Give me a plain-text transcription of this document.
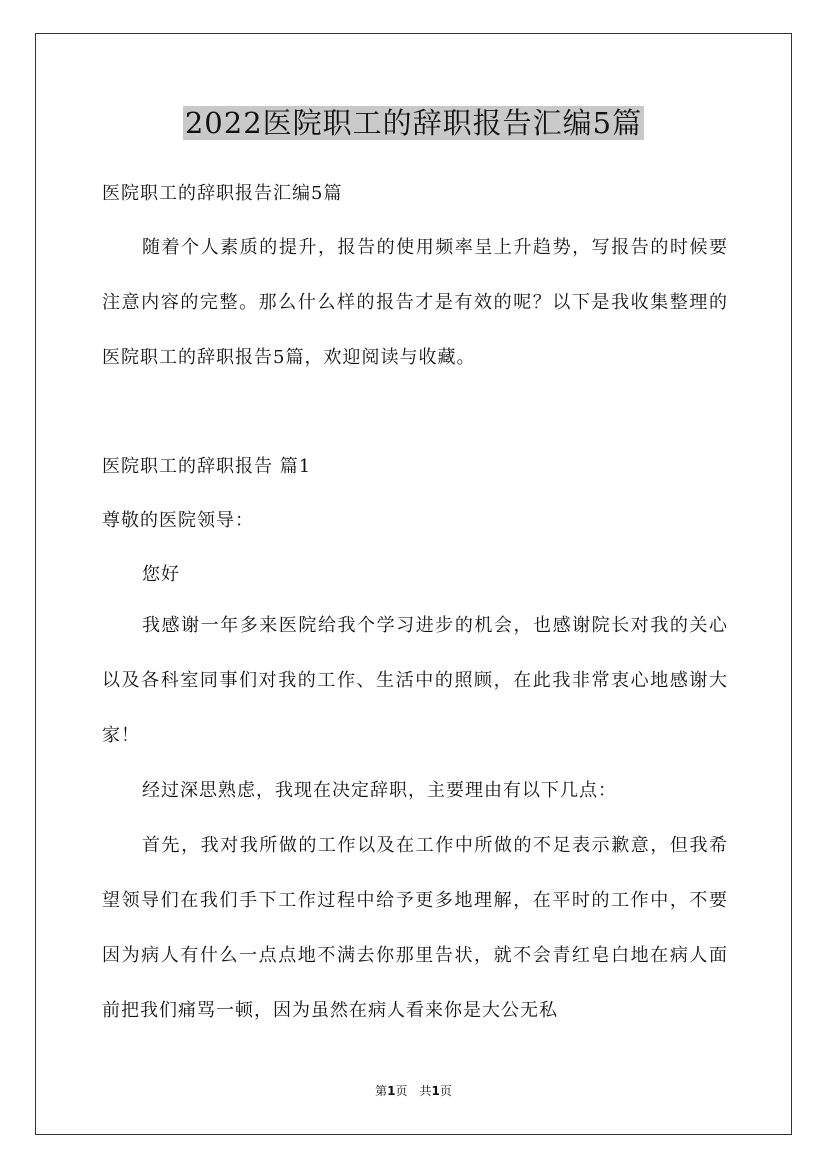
2022医院职工的辞职报告汇编5篇

医院职工的辞职报告汇编5篇

随着个人素质的提升，报告的使用频率呈上升趋势，写报告的时候要注意内容的完整。那么什么样的报告才是有效的呢？以下是我收集整理的医院职工的辞职报告5篇，欢迎阅读与收藏。

医院职工的辞职报告 篇1

尊敬的医院领导：

您好

我感谢一年多来医院给我个学习进步的机会，也感谢院长对我的关心以及各科室同事们对我的工作、生活中的照顾，在此我非常衷心地感谢大家！

经过深思熟虑，我现在决定辞职，主要理由有以下几点：

首先，我对我所做的工作以及在工作中所做的不足表示歉意，但我希望领导们在我们手下工作过程中给予更多地理解，在平时的工作中，不要因为病人有什么一点点地不满去你那里告状，就不会青红皂白地在病人面前把我们痛骂一顿，因为虽然在病人看来你是大公无私

第1页　共1页
